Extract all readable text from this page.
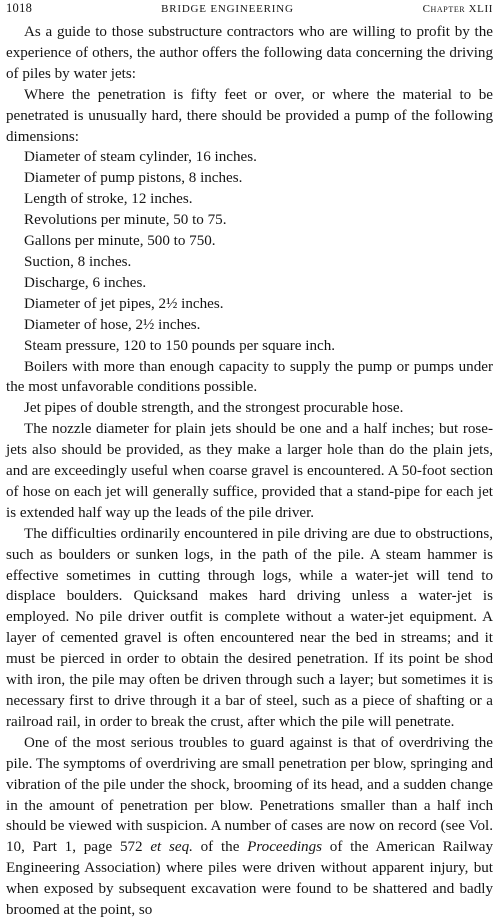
1018	BRIDGE ENGINEERING	Chapter XLII

As a guide to those substructure contractors who are willing to profit by the experience of others, the author offers the following data concerning the driving of piles by water jets:

Where the penetration is fifty feet or over, or where the material to be penetrated is unusually hard, there should be provided a pump of the following dimensions:

Diameter of steam cylinder, 16 inches.
Diameter of pump pistons, 8 inches.
Length of stroke, 12 inches.
Revolutions per minute, 50 to 75.
Gallons per minute, 500 to 750.
Suction, 8 inches.
Discharge, 6 inches.
Diameter of jet pipes, 2½ inches.
Diameter of hose, 2½ inches.
Steam pressure, 120 to 150 pounds per square inch.

Boilers with more than enough capacity to supply the pump or pumps under the most unfavorable conditions possible.

Jet pipes of double strength, and the strongest procurable hose.

The nozzle diameter for plain jets should be one and a half inches; but rose-jets also should be provided, as they make a larger hole than do the plain jets, and are exceedingly useful when coarse gravel is encountered. A 50-foot section of hose on each jet will generally suffice, provided that a stand-pipe for each jet is extended half way up the leads of the pile driver.

The difficulties ordinarily encountered in pile driving are due to obstructions, such as boulders or sunken logs, in the path of the pile. A steam hammer is effective sometimes in cutting through logs, while a water-jet will tend to displace boulders. Quicksand makes hard driving unless a water-jet is employed. No pile driver outfit is complete without a water-jet equipment. A layer of cemented gravel is often encountered near the bed in streams; and it must be pierced in order to obtain the desired penetration. If its point be shod with iron, the pile may often be driven through such a layer; but sometimes it is necessary first to drive through it a bar of steel, such as a piece of shafting or a railroad rail, in order to break the crust, after which the pile will penetrate.

One of the most serious troubles to guard against is that of overdriving the pile. The symptoms of overdriving are small penetration per blow, springing and vibration of the pile under the shock, brooming of its head, and a sudden change in the amount of penetration per blow. Penetrations smaller than a half inch should be viewed with suspicion. A number of cases are now on record (see Vol. 10, Part 1, page 572 et seq. of the Proceedings of the American Railway Engineering Association) where piles were driven without apparent injury, but when exposed by subsequent excavation were found to be shattered and badly broomed at the point, so
